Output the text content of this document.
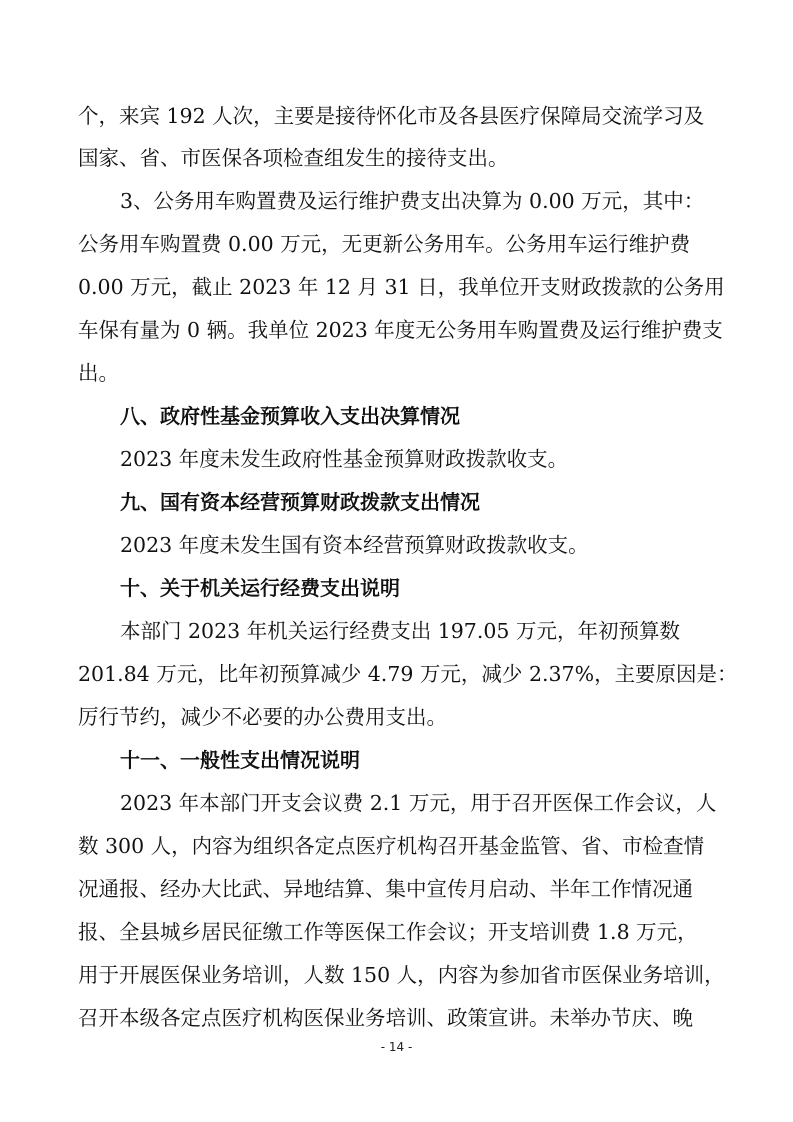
个，来宾 192 人次，主要是接待怀化市及各县医疗保障局交流学习及
国家、省、市医保各项检查组发生的接待支出。
3、公务用车购置费及运行维护费支出决算为 0.00 万元，其中：
公务用车购置费 0.00 万元，无更新公务用车。公务用车运行维护费
0.00 万元，截止 2023 年 12 月 31 日，我单位开支财政拨款的公务用
车保有量为 0 辆。我单位 2023 年度无公务用车购置费及运行维护费支
出。
八、政府性基金预算收入支出决算情况
2023 年度未发生政府性基金预算财政拨款收支。
九、国有资本经营预算财政拨款支出情况
2023 年度未发生国有资本经营预算财政拨款收支。
十、关于机关运行经费支出说明
本部门 2023 年机关运行经费支出 197.05 万元，年初预算数
201.84 万元，比年初预算减少 4.79 万元，减少 2.37%，主要原因是：
厉行节约，减少不必要的办公费用支出。
十一、一般性支出情况说明
2023 年本部门开支会议费 2.1 万元，用于召开医保工作会议，人
数 300 人，内容为组织各定点医疗机构召开基金监管、省、市检查情
况通报、经办大比武、异地结算、集中宣传月启动、半年工作情况通
报、全县城乡居民征缴工作等医保工作会议；开支培训费 1.8 万元，
用于开展医保业务培训，人数 150 人，内容为参加省市医保业务培训，
召开本级各定点医疗机构医保业务培训、政策宣讲。未举办节庆、晚
- 14 -
